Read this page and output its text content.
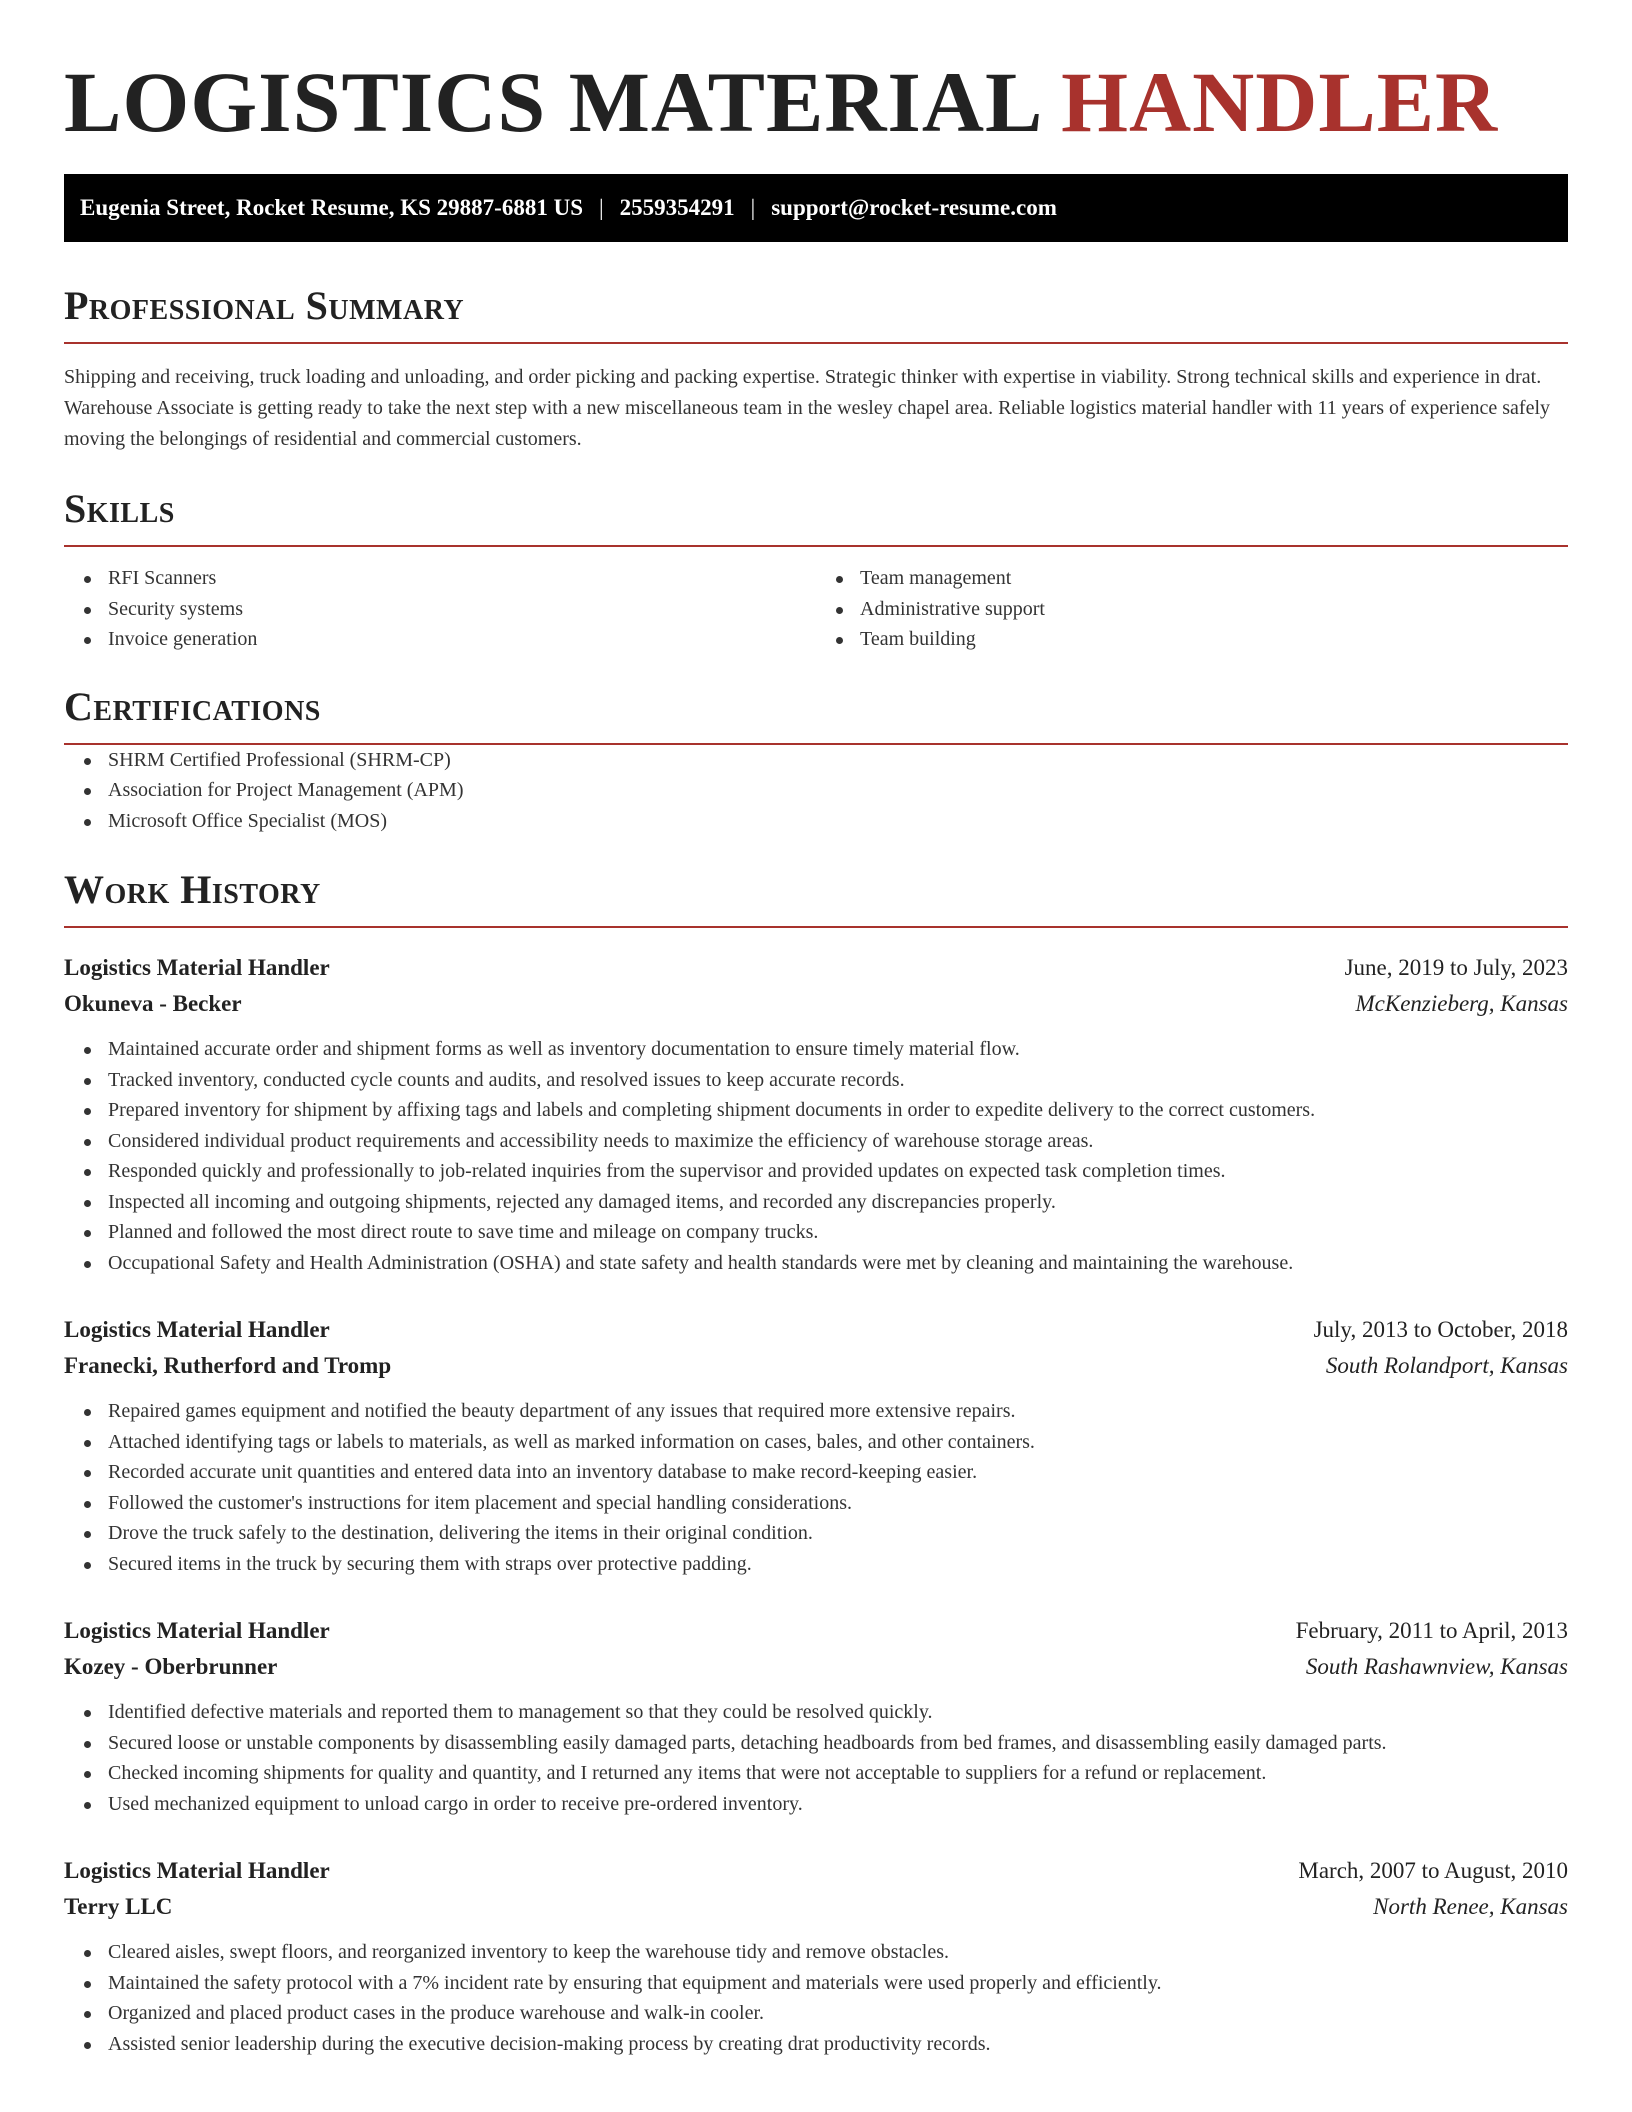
LOGISTICS MATERIAL HANDLER
Eugenia Street, Rocket Resume, KS 29887-6881 US | 2559354291 | support@rocket-resume.com
Professional Summary

Shipping and receiving, truck loading and unloading, and order picking and packing expertise. Strategic thinker with expertise in viability. Strong technical skills and experience in drat. Warehouse Associate is getting ready to take the next step with a new miscellaneous team in the wesley chapel area. Reliable logistics material handler with 11 years of experience safely moving the belongings of residential and commercial customers.

Skills
RFI Scanners
Security systems
Invoice generation
Team management
Administrative support
Team building
Certifications
SHRM Certified Professional (SHRM-CP)
Association for Project Management (APM)
Microsoft Office Specialist (MOS)
Work History
Logistics Material Handler	June, 2019 to July, 2023
Okuneva - Becker	McKenzieberg, Kansas
Maintained accurate order and shipment forms as well as inventory documentation to ensure timely material flow.
Tracked inventory, conducted cycle counts and audits, and resolved issues to keep accurate records.
Prepared inventory for shipment by affixing tags and labels and completing shipment documents in order to expedite delivery to the correct customers.
Considered individual product requirements and accessibility needs to maximize the efficiency of warehouse storage areas.
Responded quickly and professionally to job-related inquiries from the supervisor and provided updates on expected task completion times.
Inspected all incoming and outgoing shipments, rejected any damaged items, and recorded any discrepancies properly.
Planned and followed the most direct route to save time and mileage on company trucks.
Occupational Safety and Health Administration (OSHA) and state safety and health standards were met by cleaning and maintaining the warehouse.
Logistics Material Handler	July, 2013 to October, 2018
Franecki, Rutherford and Tromp	South Rolandport, Kansas
Repaired games equipment and notified the beauty department of any issues that required more extensive repairs.
Attached identifying tags or labels to materials, as well as marked information on cases, bales, and other containers.
Recorded accurate unit quantities and entered data into an inventory database to make record-keeping easier.
Followed the customer's instructions for item placement and special handling considerations.
Drove the truck safely to the destination, delivering the items in their original condition.
Secured items in the truck by securing them with straps over protective padding.
Logistics Material Handler	February, 2011 to April, 2013
Kozey - Oberbrunner	South Rashawnview, Kansas
Identified defective materials and reported them to management so that they could be resolved quickly.
Secured loose or unstable components by disassembling easily damaged parts, detaching headboards from bed frames, and disassembling easily damaged parts.
Checked incoming shipments for quality and quantity, and I returned any items that were not acceptable to suppliers for a refund or replacement.
Used mechanized equipment to unload cargo in order to receive pre-ordered inventory.
Logistics Material Handler	March, 2007 to August, 2010
Terry LLC	North Renee, Kansas
Cleared aisles, swept floors, and reorganized inventory to keep the warehouse tidy and remove obstacles.
Maintained the safety protocol with a 7% incident rate by ensuring that equipment and materials were used properly and efficiently.
Organized and placed product cases in the produce warehouse and walk-in cooler.
Assisted senior leadership during the executive decision-making process by creating drat productivity records.
